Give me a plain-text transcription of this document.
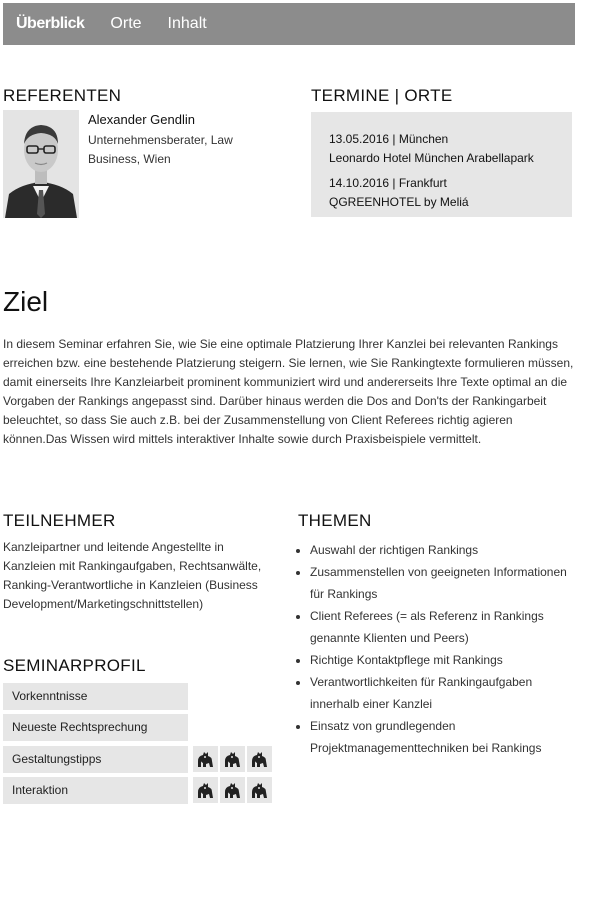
Überblick Orte Inhalt
REFERENTEN
Alexander Gendlin
Unternehmensberater, Law Business, Wien
TERMINE | ORTE
13.05.2016 | München
Leonardo Hotel München Arabellapark
14.10.2016 | Frankfurt
QGREENHOTEL by Meliá
Ziel
In diesem Seminar erfahren Sie, wie Sie eine optimale Platzierung Ihrer Kanzlei bei relevanten Rankings erreichen bzw. eine bestehende Platzierung steigern. Sie lernen, wie Sie Rankingtexte formulieren müssen, damit einerseits Ihre Kanzleiarbeit prominent kommuniziert wird und andererseits Ihre Texte optimal an die Vorgaben der Rankings angepasst sind. Darüber hinaus werden die Dos and Don'ts der Rankingarbeit beleuchtet, so dass Sie auch z.B. bei der Zusammenstellung von Client Referees richtig agieren können.Das Wissen wird mittels interaktiver Inhalte sowie durch Praxisbeispiele vermittelt.
TEILNEHMER
Kanzleipartner und leitende Angestellte in Kanzleien mit Rankingaufgaben, Rechtsanwälte, Ranking-Verantwortliche in Kanzleien (Business Development/Marketingschnittstellen)
THEMEN
• Auswahl der richtigen Rankings
• Zusammenstellen von geeigneten Informationen für Rankings
• Client Referees (= als Referenz in Rankings genannte Klienten und Peers)
• Richtige Kontaktpflege mit Rankings
• Verantwortlichkeiten für Rankingaufgaben innerhalb einer Kanzlei
• Einsatz von grundlegenden Projektmanagementtechniken bei Rankings
SEMINARPROFIL
Vorkenntnisse
Neueste Rechtsprechung
Gestaltungstipps
Interaktion
